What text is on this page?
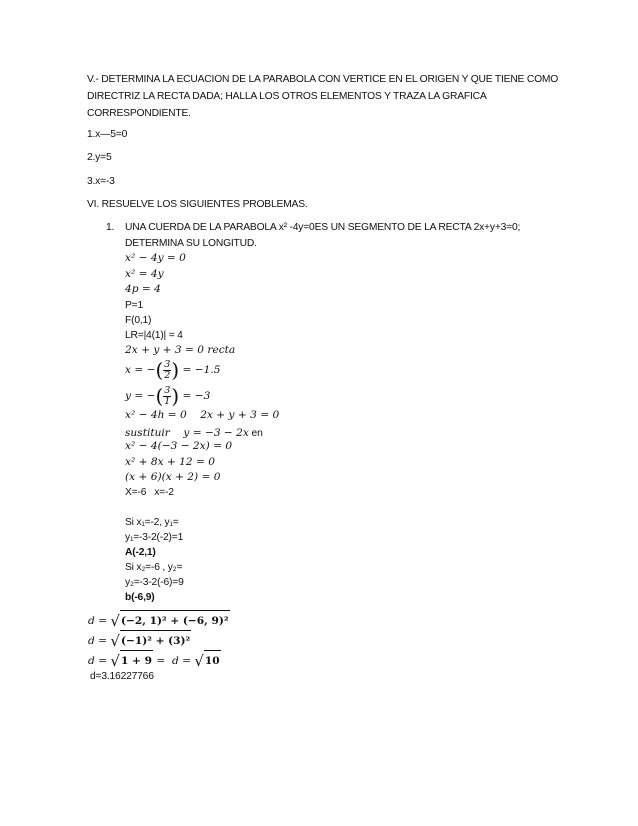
V.- DETERMINA LA ECUACION DE LA PARABOLA CON VERTICE EN EL ORIGEN Y QUE TIENE COMO
DIRECTRIZ LA RECTA DADA; HALLA LOS OTROS ELEMENTOS Y TRAZA LA GRAFICA
CORRESPONDIENTE.
1.x—5=0
2.y=5
3.x=-3
VI. RESUELVE LOS SIGUIENTES PROBLEMAS.
1. UNA CUERDA DE LA PARABOLA x² -4y=0ES UN SEGMENTO DE LA RECTA 2x+y+3=0;
DETERMINA SU LONGITUD.
x² − 4y = 0
x² = 4y
4p = 4
P=1
F(0,1)
LR=|4(1)| = 4
2x + y + 3 = 0 recta
x = −( $\frac{3}{2}$ ) = −1.5
y = −( $\frac{3}{1}$ ) = −3
x² − 4h = 0    2x + y + 3 = 0
sustituir    y = −3 − 2x en
x² − 4(−3 − 2x) = 0
x² + 8x + 12 = 0
(x + 6)(x + 2) = 0
X=-6   x=-2
Si x₁=-2, y₁=
y₁=-3-2(-2)=1
A(-2,1)
Si x₂=-6 , y₂=
y₂=-3-2(-6)=9
b(-6,9)
d = √(−2, 1)² + (−6, 9)²
d = √(−1)² + (3)²
d = √1 + 9 =  d = √10
d=3.16227766
